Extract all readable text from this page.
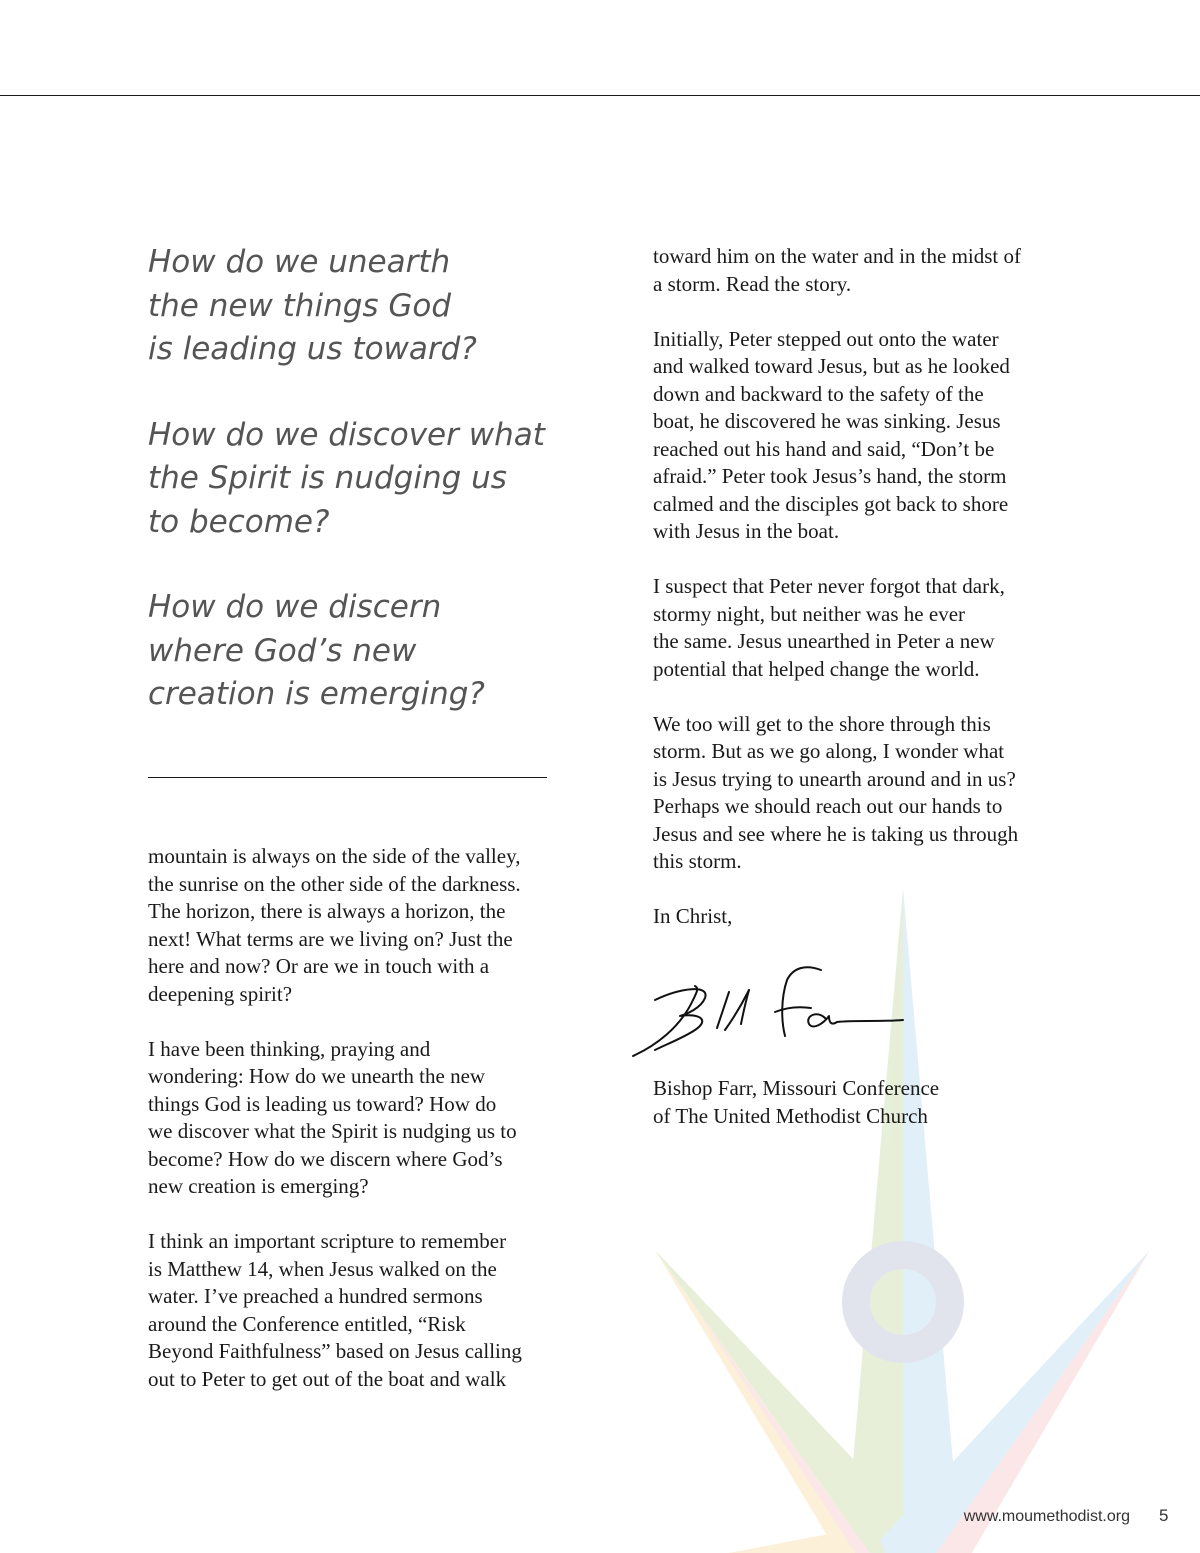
How do we unearth
the new things God
is leading us toward?

How do we discover what
the Spirit is nudging us
to become?

How do we discern
where God’s new
creation is emerging?

mountain is always on the side of the valley,
the sunrise on the other side of the darkness.
The horizon, there is always a horizon, the
next! What terms are we living on? Just the
here and now? Or are we in touch with a
deepening spirit?

I have been thinking, praying and
wondering: How do we unearth the new
things God is leading us toward? How do
we discover what the Spirit is nudging us to
become? How do we discern where God’s
new creation is emerging?

I think an important scripture to remember
is Matthew 14, when Jesus walked on the
water. I’ve preached a hundred sermons
around the Conference entitled, “Risk
Beyond Faithfulness” based on Jesus calling
out to Peter to get out of the boat and walk

toward him on the water and in the midst of
a storm. Read the story.

Initially, Peter stepped out onto the water
and walked toward Jesus, but as he looked
down and backward to the safety of the
boat, he discovered he was sinking. Jesus
reached out his hand and said, “Don’t be
afraid.” Peter took Jesus’s hand, the storm
calmed and the disciples got back to shore
with Jesus in the boat.

I suspect that Peter never forgot that dark,
stormy night, but neither was he ever
the same. Jesus unearthed in Peter a new
potential that helped change the world.

We too will get to the shore through this
storm. But as we go along, I wonder what
is Jesus trying to unearth around and in us?
Perhaps we should reach out our hands to
Jesus and see where he is taking us through
this storm.

In Christ,

Bishop Farr, Missouri Conference
of The United Methodist Church

www.moumethodist.org 5
